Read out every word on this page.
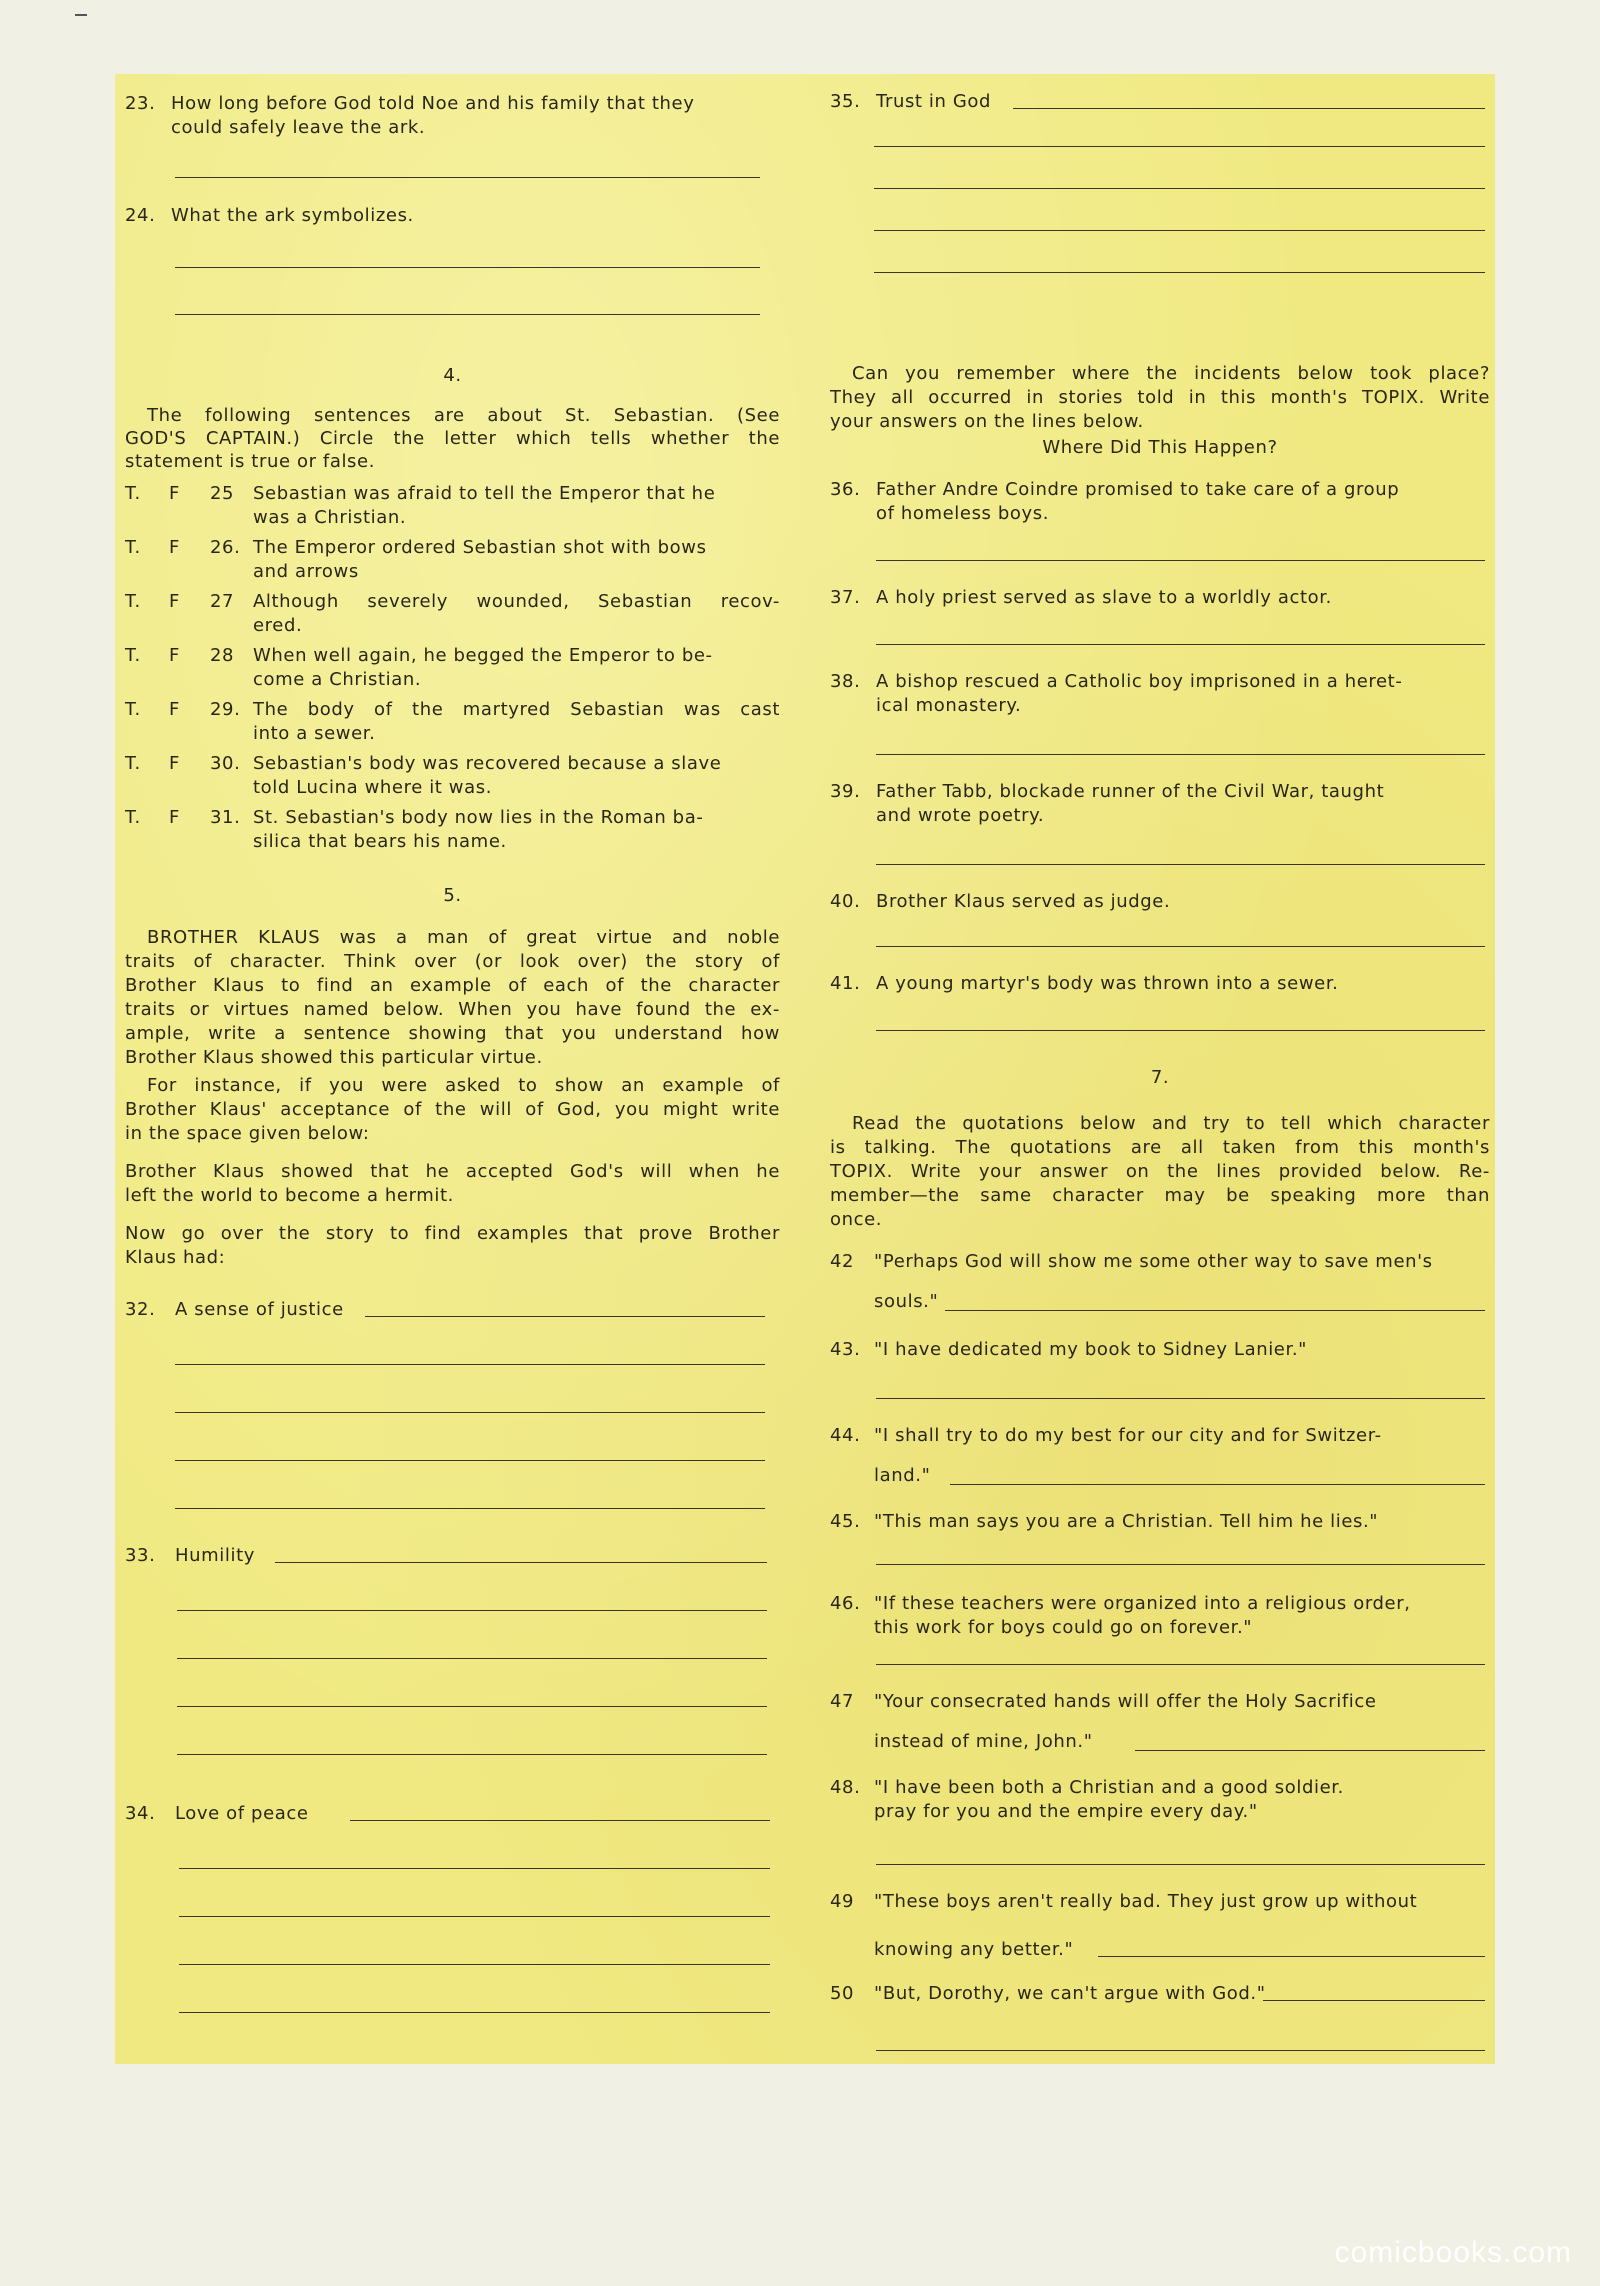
23. How long before God told Noe and his family that they
could safely leave the ark.
24. What the ark symbolizes.
4.
The following sentences are about St. Sebastian. (See
GOD'S CAPTAIN.) Circle the letter which tells whether the
statement is true or false.
T. F 25 Sebastian was afraid to tell the Emperor that he
was a Christian.
T. F 26. The Emperor ordered Sebastian shot with bows
and arrows
T. F 27 Although severely wounded, Sebastian recov-
ered.
T. F 28 When well again, he begged the Emperor to be-
come a Christian.
T. F 29. The body of the martyred Sebastian was cast
into a sewer.
T. F 30. Sebastian's body was recovered because a slave
told Lucina where it was.
T. F 31. St. Sebastian's body now lies in the Roman ba-
silica that bears his name.
5.
BROTHER KLAUS was a man of great virtue and noble
traits of character. Think over (or look over) the story of
Brother Klaus to find an example of each of the character
traits or virtues named below. When you have found the ex-
ample, write a sentence showing that you understand how
Brother Klaus showed this particular virtue.
For instance, if you were asked to show an example of
Brother Klaus' acceptance of the will of God, you might write
in the space given below:
Brother Klaus showed that he accepted God's will when he
left the world to become a hermit.
Now go over the story to find examples that prove Brother
Klaus had:
32. A sense of justice
33. Humility
34. Love of peace
35. Trust in God
Can you remember where the incidents below took place?
They all occurred in stories told in this month's TOPIX. Write
your answers on the lines below.
Where Did This Happen?
36. Father Andre Coindre promised to take care of a group
of homeless boys.
37. A holy priest served as slave to a worldly actor.
38. A bishop rescued a Catholic boy imprisoned in a heret-
ical monastery.
39. Father Tabb, blockade runner of the Civil War, taught
and wrote poetry.
40. Brother Klaus served as judge.
41. A young martyr's body was thrown into a sewer.
7.
Read the quotations below and try to tell which character
is talking. The quotations are all taken from this month's
TOPIX. Write your answer on the lines provided below. Re-
member—the same character may be speaking more than
once.
42 "Perhaps God will show me some other way to save men's
souls."
43. "I have dedicated my book to Sidney Lanier."
44. "I shall try to do my best for our city and for Switzer-
land."
45. "This man says you are a Christian. Tell him he lies."
46. "If these teachers were organized into a religious order,
this work for boys could go on forever."
47 "Your consecrated hands will offer the Holy Sacrifice
instead of mine, John."
48. "I have been both a Christian and a good soldier.
pray for you and the empire every day."
49 "These boys aren't really bad. They just grow up without
knowing any better."
50 "But, Dorothy, we can't argue with God."
comicbooks.com
